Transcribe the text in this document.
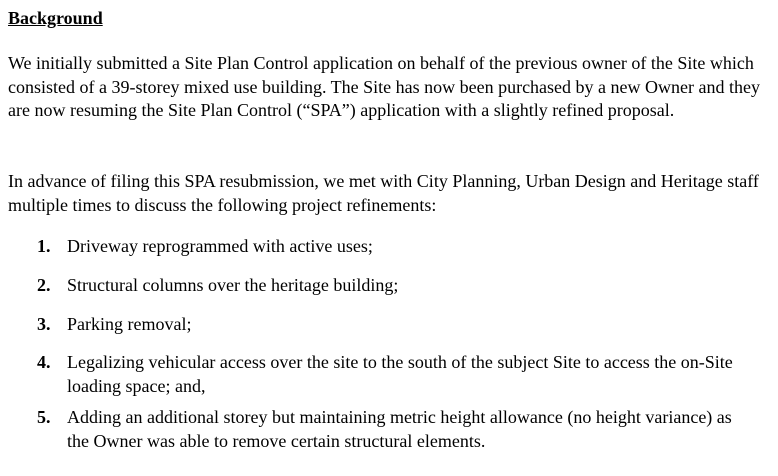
Background

We initially submitted a Site Plan Control application on behalf of the previous owner of the Site which consisted of a 39-storey mixed use building. The Site has now been purchased by a new Owner and they are now resuming the Site Plan Control (“SPA”) application with a slightly refined proposal.

In advance of filing this SPA resubmission, we met with City Planning, Urban Design and Heritage staff multiple times to discuss the following project refinements:

1. Driveway reprogrammed with active uses;
2. Structural columns over the heritage building;
3. Parking removal;
4. Legalizing vehicular access over the site to the south of the subject Site to access the on-Site loading space; and,
5. Adding an additional storey but maintaining metric height allowance (no height variance) as the Owner was able to remove certain structural elements.
